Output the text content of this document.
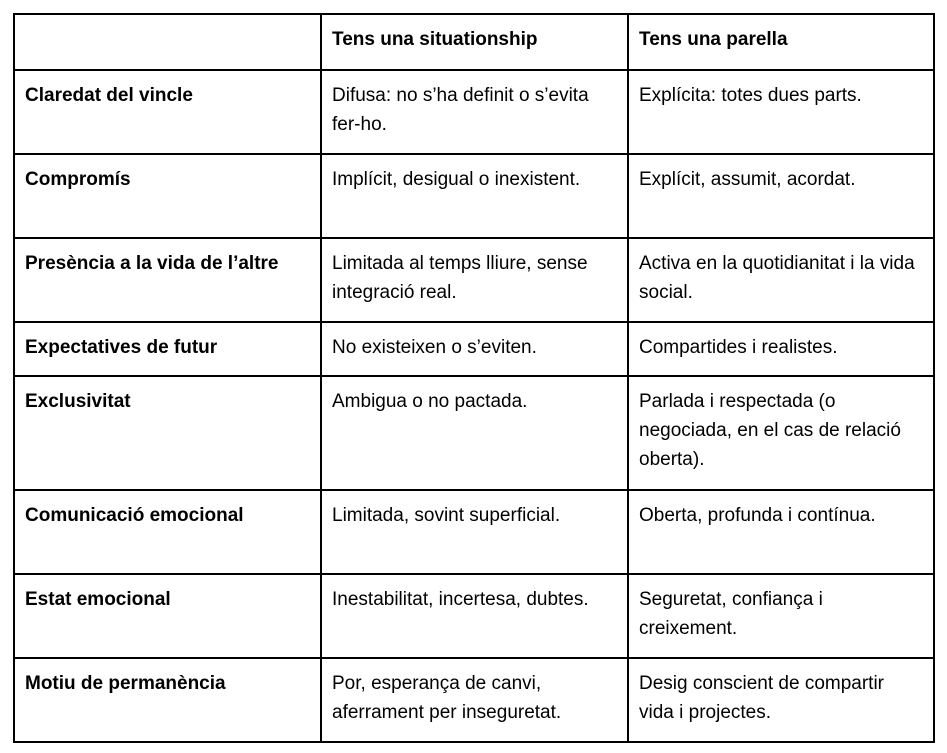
	Tens una situationship	Tens una parella
Claredat del vincle	Difusa: no s’ha definit o s’evita fer-ho.	Explícita: totes dues parts.
Compromís	Implícit, desigual o inexistent.	Explícit, assumit, acordat.
Presència a la vida de l’altre	Limitada al temps lliure, sense integració real.	Activa en la quotidianitat i la vida social.
Expectatives de futur	No existeixen o s’eviten.	Compartides i realistes.
Exclusivitat	Ambigua o no pactada.	Parlada i respectada (o negociada, en el cas de relació oberta).
Comunicació emocional	Limitada, sovint superficial.	Oberta, profunda i contínua.
Estat emocional	Inestabilitat, incertesa, dubtes.	Seguretat, confiança i creixement.
Motiu de permanència	Por, esperança de canvi, aferrament per inseguretat.	Desig conscient de compartir vida i projectes.
